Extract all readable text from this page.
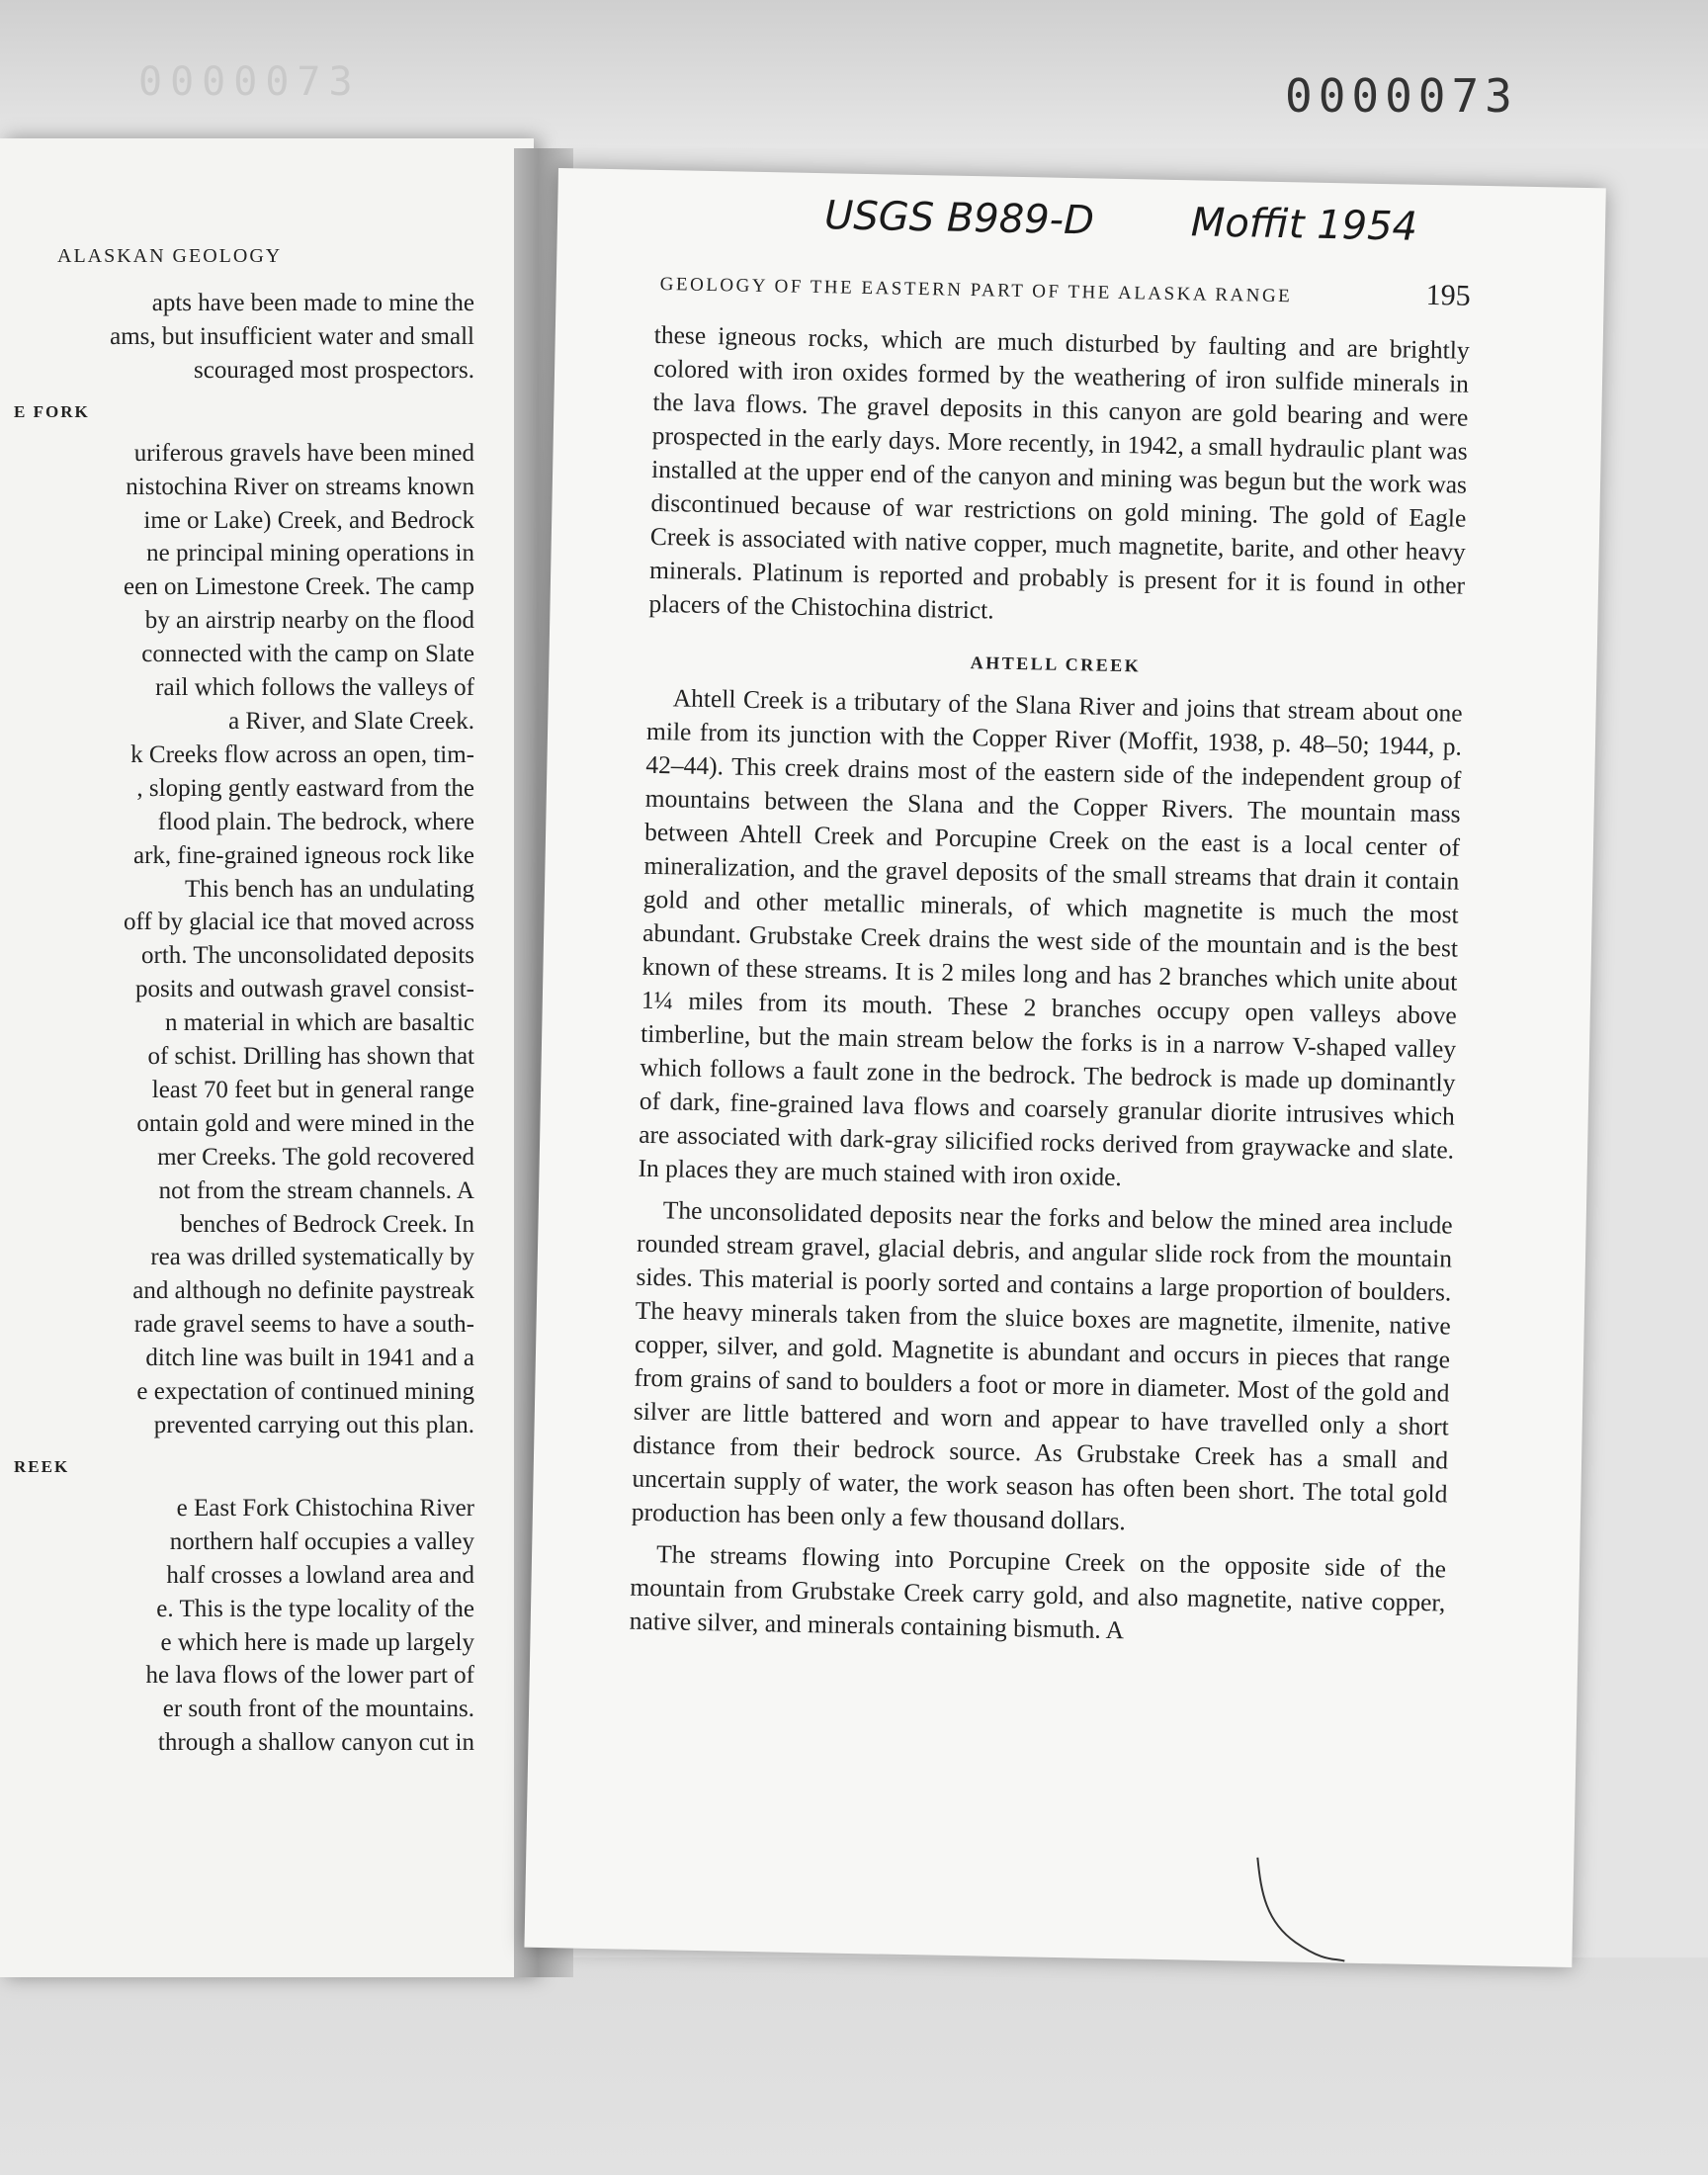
0000073	0000073
ALASKAN GEOLOGY
apts have been made to mine the
ams, but insufficient water and small
scouraged most prospectors.
E FORK
uriferous gravels have been mined
nistochina River on streams known
ime or Lake) Creek, and Bedrock
ne principal mining operations in
een on Limestone Creek. The camp
by an airstrip nearby on the flood
connected with the camp on Slate
rail which follows the valleys of
a River, and Slate Creek.
k Creeks flow across an open, tim-
, sloping gently eastward from the
flood plain. The bedrock, where
ark, fine-grained igneous rock like
This bench has an undulating
off by glacial ice that moved across
orth. The unconsolidated deposits
posits and outwash gravel consist-
n material in which are basaltic
of schist. Drilling has shown that
least 70 feet but in general range
ontain gold and were mined in the
mer Creeks. The gold recovered
not from the stream channels. A
benches of Bedrock Creek. In
rea was drilled systematically by
and although no definite paystreak
rade gravel seems to have a south-
ditch line was built in 1941 and a
e expectation of continued mining
prevented carrying out this plan.
REEK
e East Fork Chistochina River
northern half occupies a valley
half crosses a lowland area and
e. This is the type locality of the
e which here is made up largely
he lava flows of the lower part of
er south front of the mountains.
through a shallow canyon cut in
USGS B989-D Moffit 1954
GEOLOGY OF THE EASTERN PART OF THE ALASKA RANGE	195

these igneous rocks, which are much disturbed by faulting and are brightly colored with iron oxides formed by the weathering of iron sulfide minerals in the lava flows. The gravel deposits in this canyon are gold bearing and were prospected in the early days. More recently, in 1942, a small hydraulic plant was installed at the upper end of the canyon and mining was begun but the work was discontinued because of war restrictions on gold mining. The gold of Eagle Creek is associated with native copper, much magnetite, barite, and other heavy minerals. Platinum is reported and probably is present for it is found in other placers of the Chistochina district.

AHTELL CREEK

Ahtell Creek is a tributary of the Slana River and joins that stream about one mile from its junction with the Copper River (Moffit, 1938, p. 48–50; 1944, p. 42–44). This creek drains most of the eastern side of the independent group of mountains between the Slana and the Copper Rivers. The mountain mass between Ahtell Creek and Porcupine Creek on the east is a local center of mineralization, and the gravel deposits of the small streams that drain it contain gold and other metallic minerals, of which magnetite is much the most abundant. Grubstake Creek drains the west side of the mountain and is the best known of these streams. It is 2 miles long and has 2 branches which unite about 1¼ miles from its mouth. These 2 branches occupy open valleys above timberline, but the main stream below the forks is in a narrow V-shaped valley which follows a fault zone in the bedrock. The bedrock is made up dominantly of dark, fine-grained lava flows and coarsely granular diorite intrusives which are associated with dark-gray silicified rocks derived from graywacke and slate. In places they are much stained with iron oxide.

The unconsolidated deposits near the forks and below the mined area include rounded stream gravel, glacial debris, and angular slide rock from the mountain sides. This material is poorly sorted and contains a large proportion of boulders. The heavy minerals taken from the sluice boxes are magnetite, ilmenite, native copper, silver, and gold. Magnetite is abundant and occurs in pieces that range from grains of sand to boulders a foot or more in diameter. Most of the gold and silver are little battered and worn and appear to have travelled only a short distance from their bedrock source. As Grubstake Creek has a small and uncertain supply of water, the work season has often been short. The total gold production has been only a few thousand dollars.

The streams flowing into Porcupine Creek on the opposite side of the mountain from Grubstake Creek carry gold, and also magnetite, native copper, native silver, and minerals containing bismuth. A
